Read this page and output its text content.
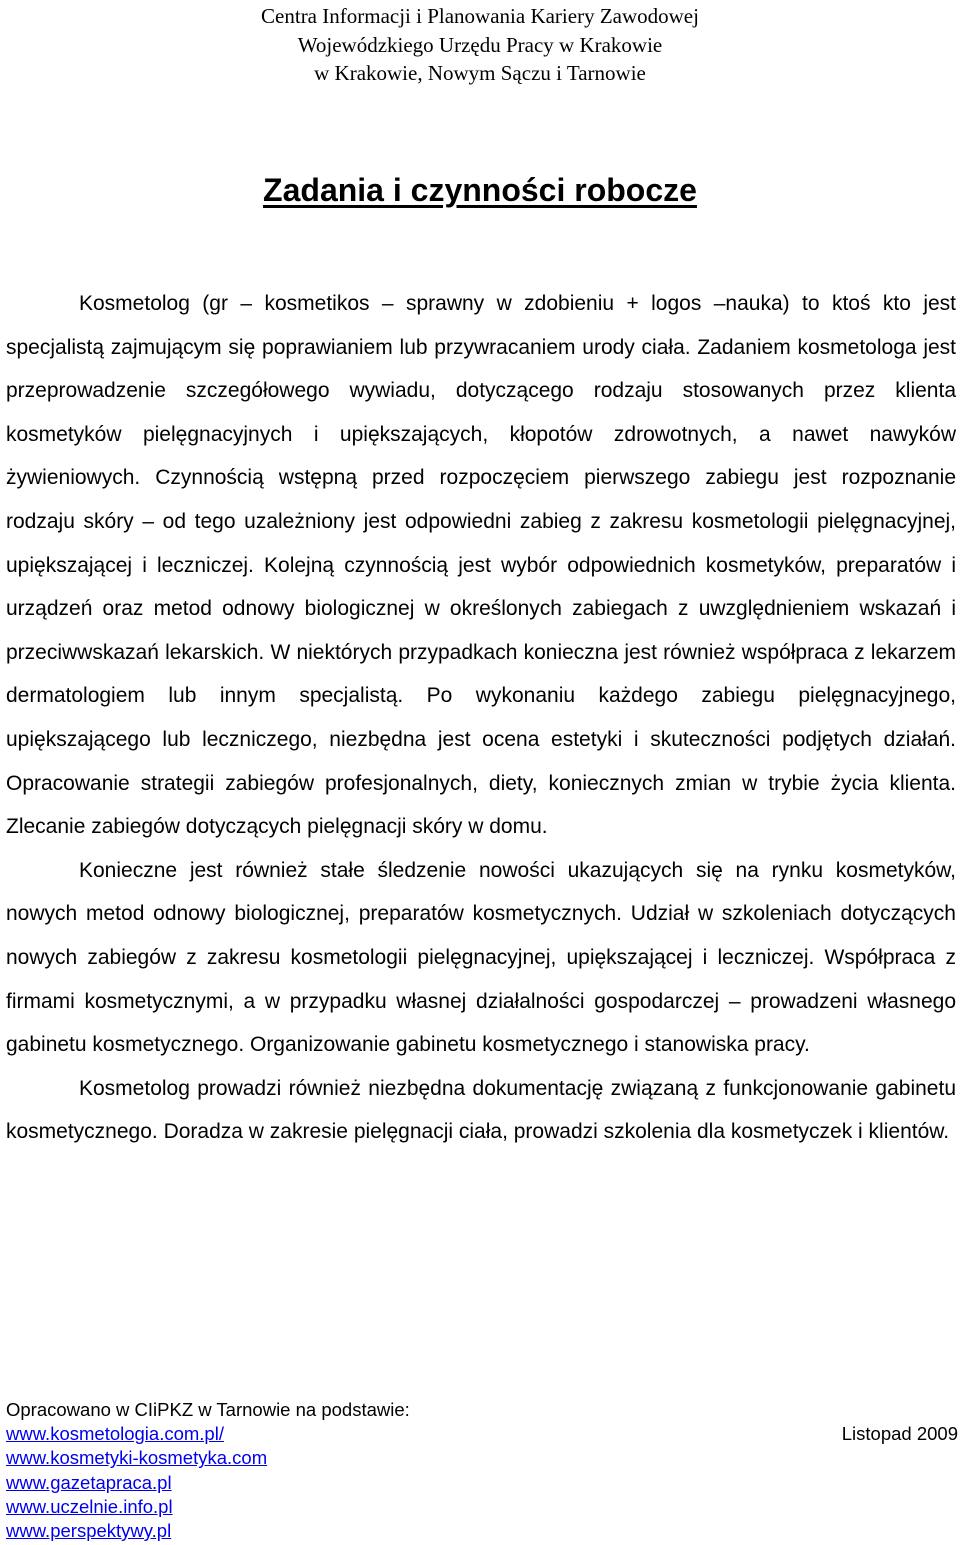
Centra Informacji i Planowania Kariery Zawodowej
Wojewódzkiego Urzędu Pracy w Krakowie
w Krakowie, Nowym Sączu i Tarnowie
Zadania i czynności robocze

Kosmetolog (gr – kosmetikos – sprawny w zdobieniu + logos –nauka) to ktoś kto jest specjalistą zajmującym się poprawianiem lub przywracaniem urody ciała. Zadaniem kosmetologa jest przeprowadzenie szczegółowego wywiadu, dotyczącego rodzaju stosowanych przez klienta kosmetyków pielęgnacyjnych i upiększających, kłopotów zdrowotnych, a nawet nawyków żywieniowych. Czynnością wstępną przed rozpoczęciem pierwszego zabiegu jest rozpoznanie rodzaju skóry – od tego uzależniony jest odpowiedni zabieg z zakresu kosmetologii pielęgnacyjnej, upiększającej i leczniczej. Kolejną czynnością jest wybór odpowiednich kosmetyków, preparatów i urządzeń oraz metod odnowy biologicznej w określonych zabiegach z uwzględnieniem wskazań i przeciwwskazań lekarskich. W niektórych przypadkach konieczna jest również współpraca z lekarzem dermatologiem lub innym specjalistą. Po wykonaniu każdego zabiegu pielęgnacyjnego, upiększającego lub leczniczego, niezbędna jest ocena estetyki i skuteczności podjętych działań. Opracowanie strategii zabiegów profesjonalnych, diety, koniecznych zmian w trybie życia klienta. Zlecanie zabiegów dotyczących pielęgnacji skóry w domu.

Konieczne jest również stałe śledzenie nowości ukazujących się na rynku kosmetyków, nowych metod odnowy biologicznej, preparatów kosmetycznych. Udział w szkoleniach dotyczących nowych zabiegów z zakresu kosmetologii pielęgnacyjnej, upiększającej i leczniczej. Współpraca z firmami kosmetycznymi, a w przypadku własnej działalności gospodarczej – prowadzeni własnego gabinetu kosmetycznego. Organizowanie gabinetu kosmetycznego i stanowiska pracy.

Kosmetolog prowadzi również niezbędna dokumentację związaną z funkcjonowanie gabinetu kosmetycznego. Doradza w zakresie pielęgnacji ciała, prowadzi szkolenia dla kosmetyczek i klientów.

Opracowano w CIiPKZ w Tarnowie na podstawie:
www.kosmetologia.com.pl/	Listopad 2009
www.kosmetyki-kosmetyka.com
www.gazetapraca.pl
www.uczelnie.info.pl
www.perspektywy.pl
